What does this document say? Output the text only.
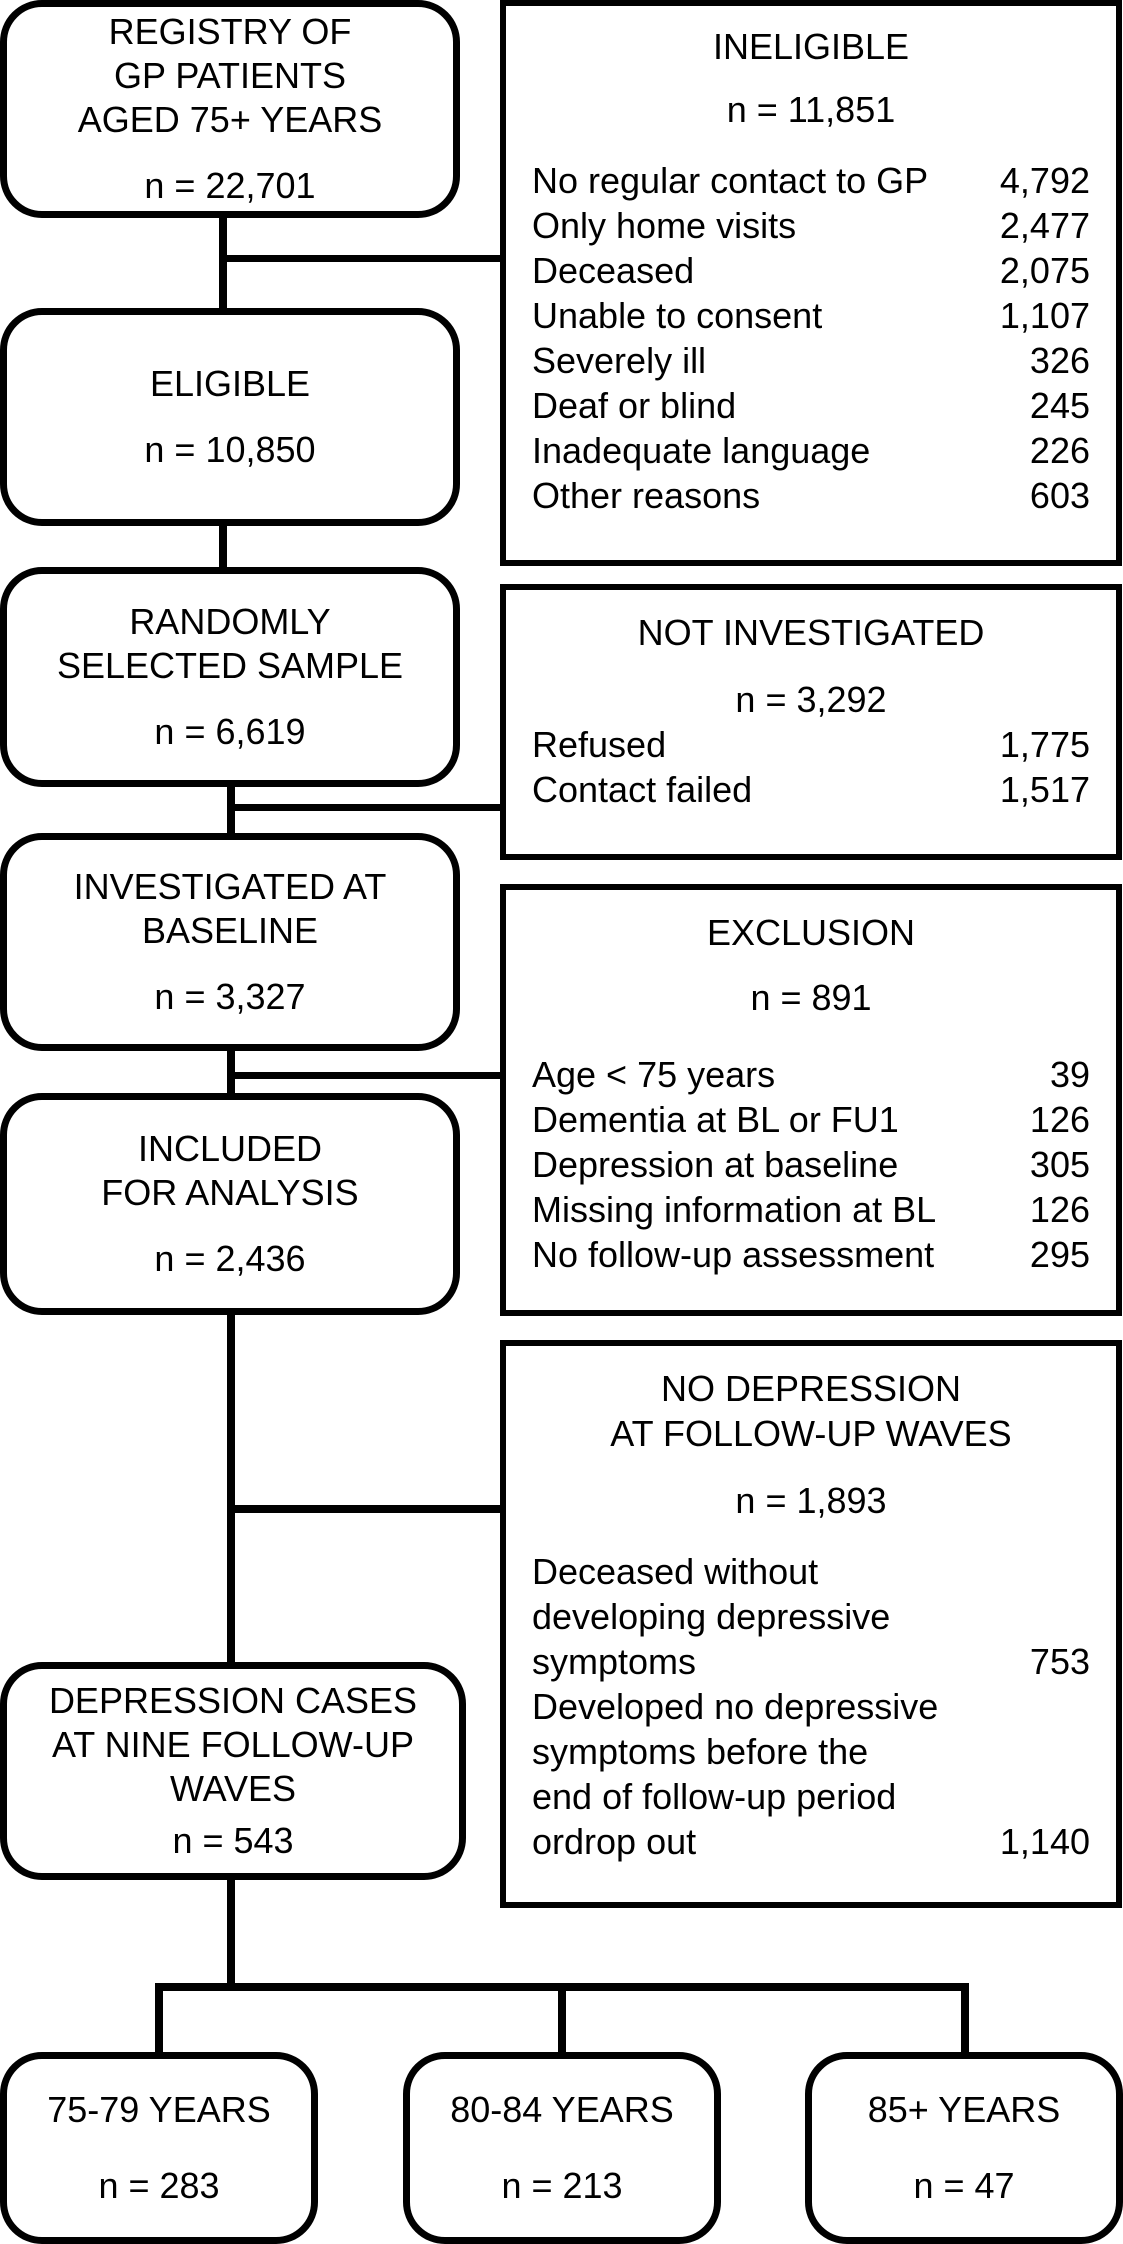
REGISTRY OF
GP PATIENTS
AGED 75+ YEARS
n = 22,701
ELIGIBLE
n = 10,850
RANDOMLY
SELECTED SAMPLE
n = 6,619
INVESTIGATED AT
BASELINE
n = 3,327
INCLUDED
FOR ANALYSIS
n = 2,436
DEPRESSION CASES
AT NINE FOLLOW-UP
WAVES
n = 543
75-79 YEARS
n = 283
80-84 YEARS
n = 213
85+ YEARS
n = 47
INELIGIBLE
n = 11,851
No regular contact to GP 4,792
Only home visits	2,477
Deceased	2,075
Unable to consent	1,107
Severely ill	326
Deaf or blind	245
Inadequate language	226
Other reasons	603
NOT INVESTIGATED
n = 3,292
Refused	1,775
Contact failed	1,517
EXCLUSION
n = 891
Age < 75 years	39
Dementia at BL or FU1	126
Depression at baseline	305
Missing information at BL	126
No follow-up assessment	295
NO DEPRESSION
AT FOLLOW-UP WAVES
n = 1,893
Deceased without
developing depressive
symptoms	753
Developed no depressive
symptoms before the
end of follow-up period
ordrop out	1,140
